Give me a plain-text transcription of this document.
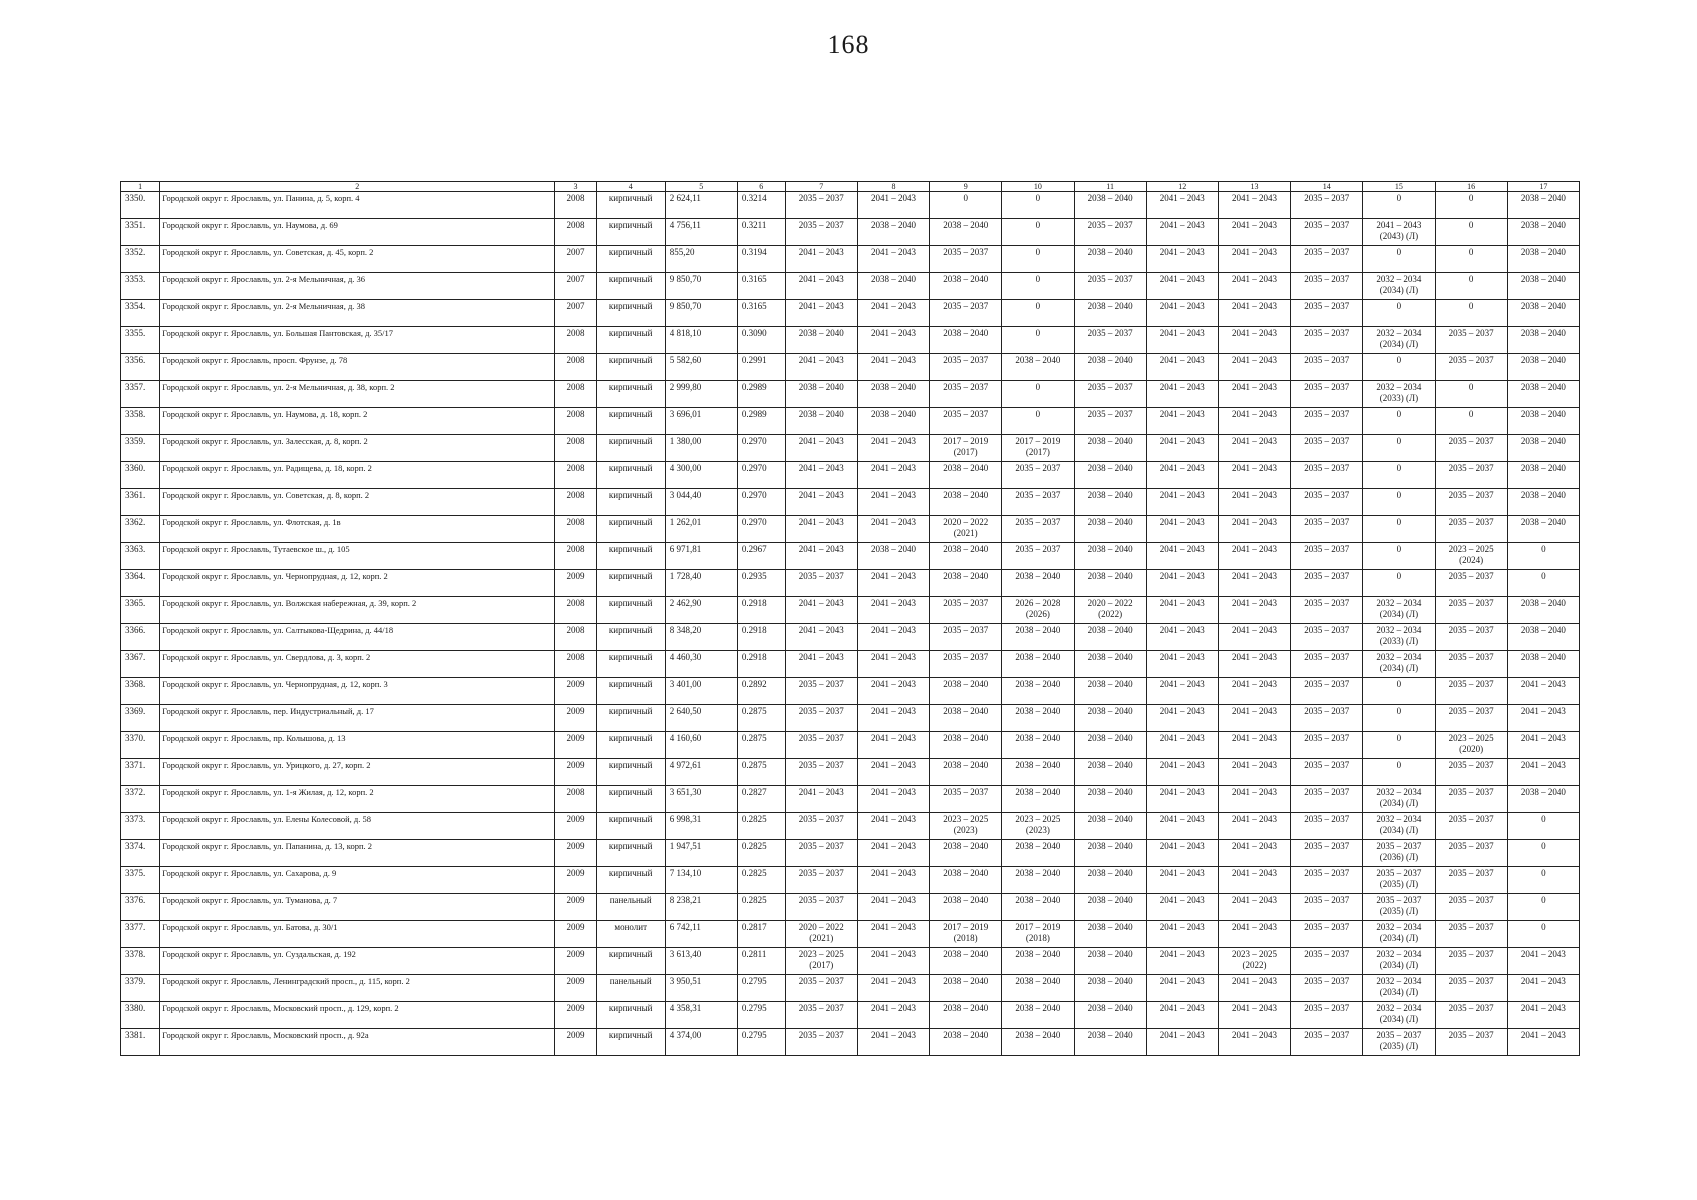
168
1	2	3	4	5	6	7	8	9	10	11	12	13	14	15	16	17
3350.	Городской округ г. Ярославль, ул. Панина, д. 5, корп. 4	2008	кирпичный	2 624,11	0.3214	2035 – 2037	2041 – 2043	0	0	2038 – 2040	2041 – 2043	2041 – 2043	2035 – 2037	0	0	2038 – 2040
3351.	Городской округ г. Ярославль, ул. Наумова, д. 69	2008	кирпичный	4 756,11	0.3211	2035 – 2037	2038 – 2040	2038 – 2040	0	2035 – 2037	2041 – 2043	2041 – 2043	2035 – 2037	2041 – 2043
(2043) (Л)	0	2038 – 2040
3352.	Городской округ г. Ярославль, ул. Советская, д. 45, корп. 2	2007	кирпичный	855,20	0.3194	2041 – 2043	2041 – 2043	2035 – 2037	0	2038 – 2040	2041 – 2043	2041 – 2043	2035 – 2037	0	0	2038 – 2040
3353.	Городской округ г. Ярославль, ул. 2-я Мельничная, д. 36	2007	кирпичный	9 850,70	0.3165	2041 – 2043	2038 – 2040	2038 – 2040	0	2035 – 2037	2041 – 2043	2041 – 2043	2035 – 2037	2032 – 2034
(2034) (Л)	0	2038 – 2040
3354.	Городской округ г. Ярославль, ул. 2-я Мельничная, д. 38	2007	кирпичный	9 850,70	0.3165	2041 – 2043	2041 – 2043	2035 – 2037	0	2038 – 2040	2041 – 2043	2041 – 2043	2035 – 2037	0	0	2038 – 2040
3355.	Городской округ г. Ярославль, ул. Большая Пантовская, д. 35/17	2008	кирпичный	4 818,10	0.3090	2038 – 2040	2041 – 2043	2038 – 2040	0	2035 – 2037	2041 – 2043	2041 – 2043	2035 – 2037	2032 – 2034
(2034) (Л)	2035 – 2037	2038 – 2040
3356.	Городской округ г. Ярославль, просп. Фрунзе, д. 78	2008	кирпичный	5 582,60	0.2991	2041 – 2043	2041 – 2043	2035 – 2037	2038 – 2040	2038 – 2040	2041 – 2043	2041 – 2043	2035 – 2037	0	2035 – 2037	2038 – 2040
3357.	Городской округ г. Ярославль, ул. 2-я Мельничная, д. 38, корп. 2	2008	кирпичный	2 999,80	0.2989	2038 – 2040	2038 – 2040	2035 – 2037	0	2035 – 2037	2041 – 2043	2041 – 2043	2035 – 2037	2032 – 2034
(2033) (Л)	0	2038 – 2040
3358.	Городской округ г. Ярославль, ул. Наумова, д. 18, корп. 2	2008	кирпичный	3 696,01	0.2989	2038 – 2040	2038 – 2040	2035 – 2037	0	2035 – 2037	2041 – 2043	2041 – 2043	2035 – 2037	0	0	2038 – 2040
3359.	Городской округ г. Ярославль, ул. Залесская, д. 8, корп. 2	2008	кирпичный	1 380,00	0.2970	2041 – 2043	2041 – 2043	2017 – 2019
(2017)	2017 – 2019
(2017)	2038 – 2040	2041 – 2043	2041 – 2043	2035 – 2037	0	2035 – 2037	2038 – 2040
3360.	Городской округ г. Ярославль, ул. Радищева, д. 18, корп. 2	2008	кирпичный	4 300,00	0.2970	2041 – 2043	2041 – 2043	2038 – 2040	2035 – 2037	2038 – 2040	2041 – 2043	2041 – 2043	2035 – 2037	0	2035 – 2037	2038 – 2040
3361.	Городской округ г. Ярославль, ул. Советская, д. 8, корп. 2	2008	кирпичный	3 044,40	0.2970	2041 – 2043	2041 – 2043	2038 – 2040	2035 – 2037	2038 – 2040	2041 – 2043	2041 – 2043	2035 – 2037	0	2035 – 2037	2038 – 2040
3362.	Городской округ г. Ярославль, ул. Флотская, д. 1в	2008	кирпичный	1 262,01	0.2970	2041 – 2043	2041 – 2043	2020 – 2022
(2021)	2035 – 2037	2038 – 2040	2041 – 2043	2041 – 2043	2035 – 2037	0	2035 – 2037	2038 – 2040
3363.	Городской округ г. Ярославль, Тутаевское ш., д. 105	2008	кирпичный	6 971,81	0.2967	2041 – 2043	2038 – 2040	2038 – 2040	2035 – 2037	2038 – 2040	2041 – 2043	2041 – 2043	2035 – 2037	0	2023 – 2025
(2024)	0
3364.	Городской округ г. Ярославль, ул. Чернопрудная, д. 12, корп. 2	2009	кирпичный	1 728,40	0.2935	2035 – 2037	2041 – 2043	2038 – 2040	2038 – 2040	2038 – 2040	2041 – 2043	2041 – 2043	2035 – 2037	0	2035 – 2037	0
3365.	Городской округ г. Ярославль, ул. Волжская набережная, д. 39, корп. 2	2008	кирпичный	2 462,90	0.2918	2041 – 2043	2041 – 2043	2035 – 2037	2026 – 2028
(2026)	2020 – 2022
(2022)	2041 – 2043	2041 – 2043	2035 – 2037	2032 – 2034
(2034) (Л)	2035 – 2037	2038 – 2040
3366.	Городской округ г. Ярославль, ул. Салтыкова-Щедрина, д. 44/18	2008	кирпичный	8 348,20	0.2918	2041 – 2043	2041 – 2043	2035 – 2037	2038 – 2040	2038 – 2040	2041 – 2043	2041 – 2043	2035 – 2037	2032 – 2034
(2033) (Л)	2035 – 2037	2038 – 2040
3367.	Городской округ г. Ярославль, ул. Свердлова, д. 3, корп. 2	2008	кирпичный	4 460,30	0.2918	2041 – 2043	2041 – 2043	2035 – 2037	2038 – 2040	2038 – 2040	2041 – 2043	2041 – 2043	2035 – 2037	2032 – 2034
(2034) (Л)	2035 – 2037	2038 – 2040
3368.	Городской округ г. Ярославль, ул. Чернопрудная, д. 12, корп. 3	2009	кирпичный	3 401,00	0.2892	2035 – 2037	2041 – 2043	2038 – 2040	2038 – 2040	2038 – 2040	2041 – 2043	2041 – 2043	2035 – 2037	0	2035 – 2037	2041 – 2043
3369.	Городской округ г. Ярославль, пер. Индустриальный, д. 17	2009	кирпичный	2 640,50	0.2875	2035 – 2037	2041 – 2043	2038 – 2040	2038 – 2040	2038 – 2040	2041 – 2043	2041 – 2043	2035 – 2037	0	2035 – 2037	2041 – 2043
3370.	Городской округ г. Ярославль, пр. Колышова, д. 13	2009	кирпичный	4 160,60	0.2875	2035 – 2037	2041 – 2043	2038 – 2040	2038 – 2040	2038 – 2040	2041 – 2043	2041 – 2043	2035 – 2037	0	2023 – 2025
(2020)	2041 – 2043
3371.	Городской округ г. Ярославль, ул. Урицкого, д. 27, корп. 2	2009	кирпичный	4 972,61	0.2875	2035 – 2037	2041 – 2043	2038 – 2040	2038 – 2040	2038 – 2040	2041 – 2043	2041 – 2043	2035 – 2037	0	2035 – 2037	2041 – 2043
3372.	Городской округ г. Ярославль, ул. 1-я Жилая, д. 12, корп. 2	2008	кирпичный	3 651,30	0.2827	2041 – 2043	2041 – 2043	2035 – 2037	2038 – 2040	2038 – 2040	2041 – 2043	2041 – 2043	2035 – 2037	2032 – 2034
(2034) (Л)	2035 – 2037	2038 – 2040
3373.	Городской округ г. Ярославль, ул. Елены Колесовой, д. 58	2009	кирпичный	6 998,31	0.2825	2035 – 2037	2041 – 2043	2023 – 2025
(2023)	2023 – 2025
(2023)	2038 – 2040	2041 – 2043	2041 – 2043	2035 – 2037	2032 – 2034
(2034) (Л)	2035 – 2037	0
3374.	Городской округ г. Ярославль, ул. Папанина, д. 13, корп. 2	2009	кирпичный	1 947,51	0.2825	2035 – 2037	2041 – 2043	2038 – 2040	2038 – 2040	2038 – 2040	2041 – 2043	2041 – 2043	2035 – 2037	2035 – 2037
(2036) (Л)	2035 – 2037	0
3375.	Городской округ г. Ярославль, ул. Сахарова, д. 9	2009	кирпичный	7 134,10	0.2825	2035 – 2037	2041 – 2043	2038 – 2040	2038 – 2040	2038 – 2040	2041 – 2043	2041 – 2043	2035 – 2037	2035 – 2037
(2035) (Л)	2035 – 2037	0
3376.	Городской округ г. Ярославль, ул. Туманова, д. 7	2009	панельный	8 238,21	0.2825	2035 – 2037	2041 – 2043	2038 – 2040	2038 – 2040	2038 – 2040	2041 – 2043	2041 – 2043	2035 – 2037	2035 – 2037
(2035) (Л)	2035 – 2037	0
3377.	Городской округ г. Ярославль, ул. Батова, д. 30/1	2009	монолит	6 742,11	0.2817	2020 – 2022
(2021)	2041 – 2043	2017 – 2019
(2018)	2017 – 2019
(2018)	2038 – 2040	2041 – 2043	2041 – 2043	2035 – 2037	2032 – 2034
(2034) (Л)	2035 – 2037	0
3378.	Городской округ г. Ярославль, ул. Суздальская, д. 192	2009	кирпичный	3 613,40	0.2811	2023 – 2025
(2017)	2041 – 2043	2038 – 2040	2038 – 2040	2038 – 2040	2041 – 2043	2023 – 2025
(2022)	2035 – 2037	2032 – 2034
(2034) (Л)	2035 – 2037	2041 – 2043
3379.	Городской округ г. Ярославль, Ленинградский просп., д. 115, корп. 2	2009	панельный	3 950,51	0.2795	2035 – 2037	2041 – 2043	2038 – 2040	2038 – 2040	2038 – 2040	2041 – 2043	2041 – 2043	2035 – 2037	2032 – 2034
(2034) (Л)	2035 – 2037	2041 – 2043
3380.	Городской округ г. Ярославль, Московский просп., д. 129, корп. 2	2009	кирпичный	4 358,31	0.2795	2035 – 2037	2041 – 2043	2038 – 2040	2038 – 2040	2038 – 2040	2041 – 2043	2041 – 2043	2035 – 2037	2032 – 2034
(2034) (Л)	2035 – 2037	2041 – 2043
3381.	Городской округ г. Ярославль, Московский просп., д. 92а	2009	кирпичный	4 374,00	0.2795	2035 – 2037	2041 – 2043	2038 – 2040	2038 – 2040	2038 – 2040	2041 – 2043	2041 – 2043	2035 – 2037	2035 – 2037
(2035) (Л)	2035 – 2037	2041 – 2043
